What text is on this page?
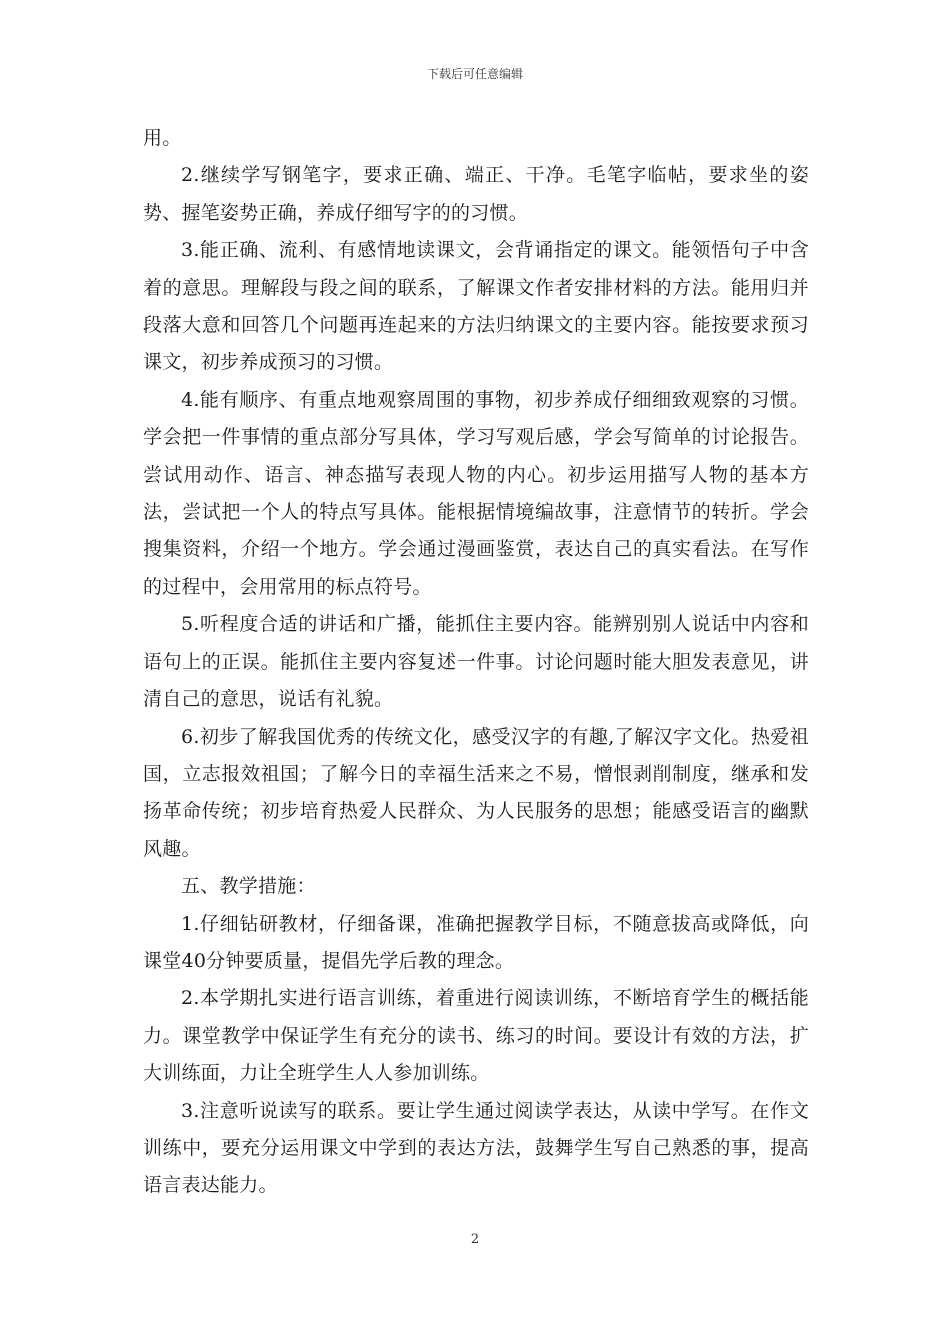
下载后可任意编辑

用。

2.继续学写钢笔字，要求正确、端正、干净。毛笔字临帖，要求坐的姿势、握笔姿势正确，养成仔细写字的的习惯。

3.能正确、流利、有感情地读课文，会背诵指定的课文。能领悟句子中含着的意思。理解段与段之间的联系，了解课文作者安排材料的方法。能用归并段落大意和回答几个问题再连起来的方法归纳课文的主要内容。能按要求预习课文，初步养成预习的习惯。

4.能有顺序、有重点地观察周围的事物，初步养成仔细细致观察的习惯。学会把一件事情的重点部分写具体，学习写观后感，学会写简单的讨论报告。尝试用动作、语言、神态描写表现人物的内心。初步运用描写人物的基本方法，尝试把一个人的特点写具体。能根据情境编故事，注意情节的转折。学会搜集资料，介绍一个地方。学会通过漫画鉴赏，表达自己的真实看法。在写作的过程中，会用常用的标点符号。

5.听程度合适的讲话和广播，能抓住主要内容。能辨别别人说话中内容和语句上的正误。能抓住主要内容复述一件事。讨论问题时能大胆发表意见，讲清自己的意思，说话有礼貌。

6.初步了解我国优秀的传统文化，感受汉字的有趣,了解汉字文化。热爱祖国，立志报效祖国；了解今日的幸福生活来之不易，憎恨剥削制度，继承和发扬革命传统；初步培育热爱人民群众、为人民服务的思想；能感受语言的幽默风趣。

五、教学措施：

1.仔细钻研教材，仔细备课，准确把握教学目标，不随意拔高或降低，向课堂40分钟要质量，提倡先学后教的理念。

2.本学期扎实进行语言训练，着重进行阅读训练，不断培育学生的概括能力。课堂教学中保证学生有充分的读书、练习的时间。要设计有效的方法，扩大训练面，力让全班学生人人参加训练。

3.注意听说读写的联系。要让学生通过阅读学表达，从读中学写。在作文训练中，要充分运用课文中学到的表达方法，鼓舞学生写自己熟悉的事，提高语言表达能力。

2
